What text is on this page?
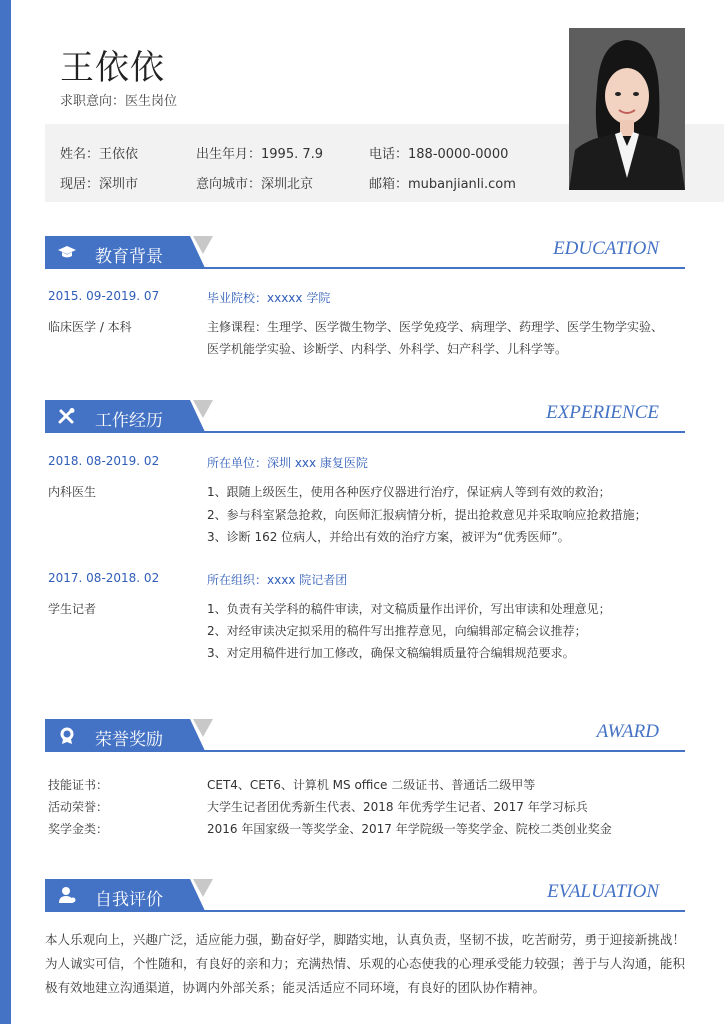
王依依
求职意向：医生岗位
姓名：王依依	出生年月：1995. 7.9	电话：188-0000-0000
现居：深圳市	意向城市：深圳北京	邮箱：mubanjianli.com
教育背景	EDUCATION
2015. 09-2019. 07	毕业院校：xxxxx 学院
临床医学 / 本科	主修课程：生理学、医学微生物学、医学免疫学、病理学、药理学、医学生物学实验、
医学机能学实验、诊断学、内科学、外科学、妇产科学、儿科学等。
工作经历	EXPERIENCE
2018. 08-2019. 02	所在单位：深圳 xxx 康复医院
内科医生	1、跟随上级医生，使用各种医疗仪器进行治疗，保证病人等到有效的救治；
2、参与科室紧急抢救，向医师汇报病情分析，提出抢救意见并采取响应抢救措施；
3、诊断 162 位病人，并给出有效的治疗方案，被评为“优秀医师”。
2017. 08-2018. 02	所在组织：xxxx 院记者团
学生记者	1、负责有关学科的稿件审读，对文稿质量作出评价，写出审读和处理意见；
2、对经审读决定拟采用的稿件写出推荐意见，向编辑部定稿会议推荐；
3、对定用稿件进行加工修改，确保文稿编辑质量符合编辑规范要求。
荣誉奖励	AWARD
技能证书：	CET4、CET6、计算机 MS office 二级证书、普通话二级甲等
活动荣誉：	大学生记者团优秀新生代表、2018 年优秀学生记者、2017 年学习标兵
奖学金类：	2016 年国家级一等奖学金、2017 年学院级一等奖学金、院校二类创业奖金
自我评价	EVALUATION
本人乐观向上，兴趣广泛，适应能力强，勤奋好学，脚踏实地，认真负责，坚韧不拔，吃苦耐劳，勇于迎接新挑战！为人诚实可信，个性随和，有良好的亲和力；充满热情、乐观的心态使我的心理承受能力较强；善于与人沟通，能积极有效地建立沟通渠道，协调内外部关系；能灵活适应不同环境，有良好的团队协作精神。
